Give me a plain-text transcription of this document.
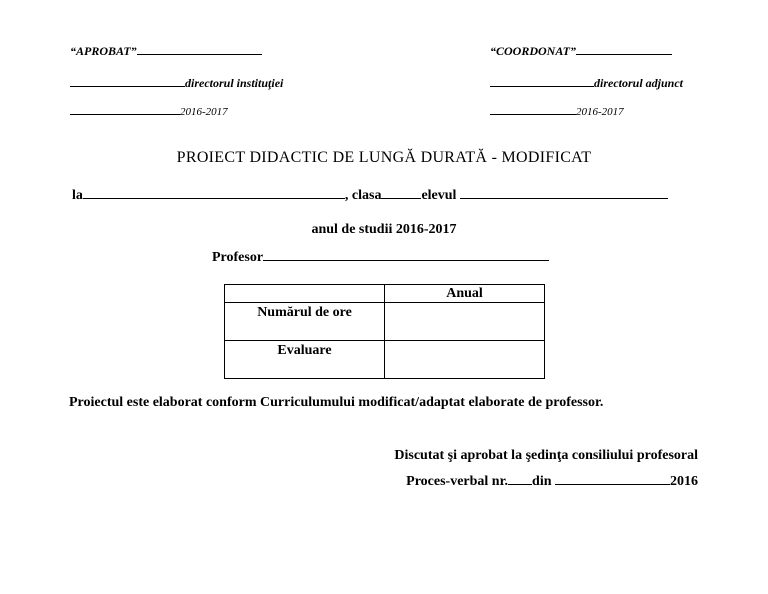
“APROBAT”
directorul instituţiei
2016-2017
“COORDONAT”
directorul adjunct
2016-2017
PROIECT DIDACTIC DE LUNGĂ DURATĂ - MODIFICAT
la	, clasa	elevul
anul de studii 2016-2017
Profesor
	Anual
Numărul de ore	
Evaluare	
Proiectul este elaborat conform Curriculumului modificat/adaptat elaborate de professor.
Discutat şi aprobat la şedinţa consiliului profesoral
Proces-verbal nr. din	2016
